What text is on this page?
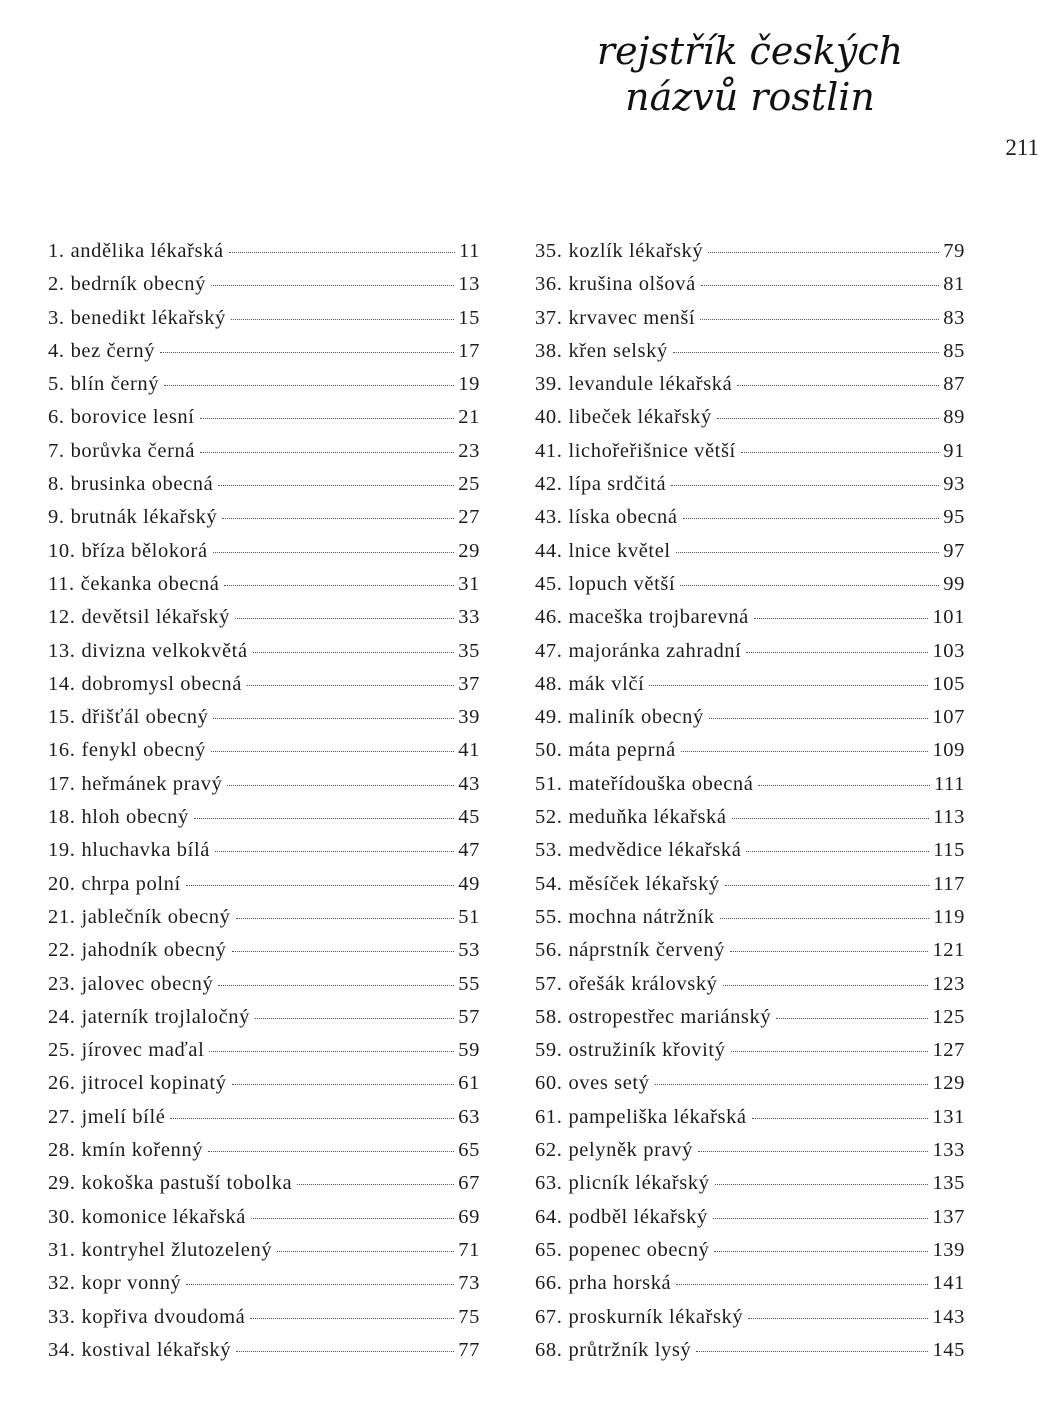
rejstřík českých
názvů rostlin
211
1. andělika lékařská	11
2. bedrník obecný	13
3. benedikt lékařský	15
4. bez černý	17
5. blín černý	19
6. borovice lesní	21
7. borůvka černá	23
8. brusinka obecná	25
9. brutnák lékařský	27
10. bříza bělokorá	29
11. čekanka obecná	31
12. devětsil lékařský	33
13. divizna velkokvětá	35
14. dobromysl obecná	37
15. dřišťál obecný	39
16. fenykl obecný	41
17. heřmánek pravý	43
18. hloh obecný	45
19. hluchavka bílá	47
20. chrpa polní	49
21. jablečník obecný	51
22. jahodník obecný	53
23. jalovec obecný	55
24. jaterník trojlaločný	57
25. jírovec maďal	59
26. jitrocel kopinatý	61
27. jmelí bílé	63
28. kmín kořenný	65
29. kokoška pastuší tobolka	67
30. komonice lékařská	69
31. kontryhel žlutozelený	71
32. kopr vonný	73
33. kopřiva dvoudomá	75
34. kostival lékařský	77
35. kozlík lékařský	79
36. krušina olšová	81
37. krvavec menší	83
38. křen selský	85
39. levandule lékařská	87
40. libeček lékařský	89
41. lichořeřišnice větší	91
42. lípa srdčitá	93
43. líska obecná	95
44. lnice květel	97
45. lopuch větší	99
46. maceška trojbarevná	101
47. majoránka zahradní	103
48. mák vlčí	105
49. maliník obecný	107
50. máta peprná	109
51. mateřídouška obecná	111
52. meduňka lékařská	113
53. medvědice lékařská	115
54. měsíček lékařský	117
55. mochna nátržník	119
56. náprstník červený	121
57. ořešák královský	123
58. ostropestřec mariánský	125
59. ostružiník křovitý	127
60. oves setý	129
61. pampeliška lékařská	131
62. pelyněk pravý	133
63. plicník lékařský	135
64. podběl lékařský	137
65. popenec obecný	139
66. prha horská	141
67. proskurník lékařský	143
68. průtržník lysý	145
